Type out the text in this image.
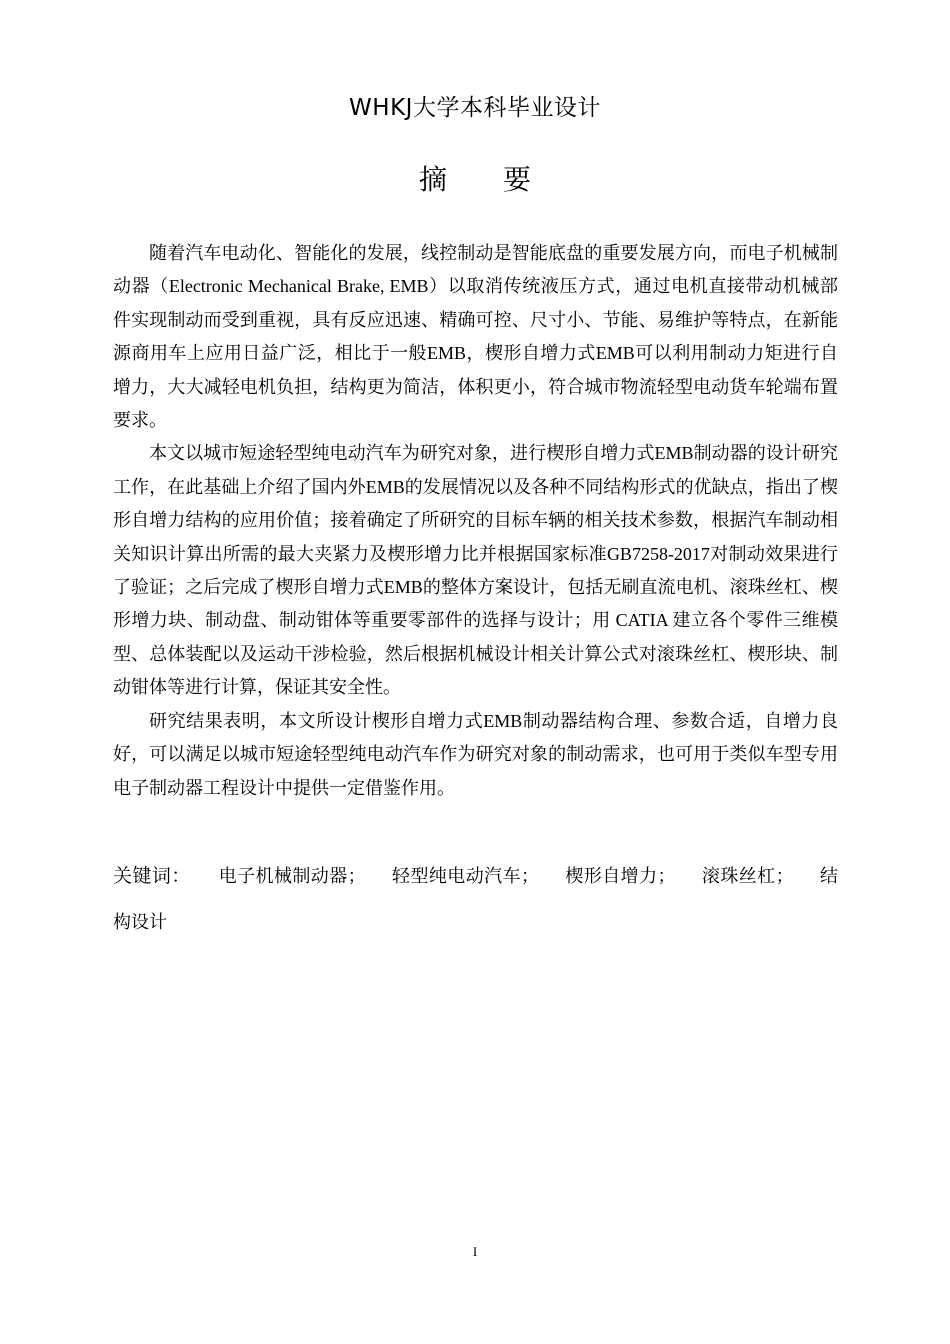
WHKJ大学本科毕业设计
摘要

随着汽车电动化、智能化的发展，线控制动是智能底盘的重要发展方向，而电子机械制动器（Electronic Mechanical Brake, EMB）以取消传统液压方式，通过电机直接带动机械部件实现制动而受到重视，具有反应迅速、精确可控、尺寸小、节能、易维护等特点，在新能源商用车上应用日益广泛，相比于一般EMB，楔形自增力式EMB可以利用制动力矩进行自增力，大大减轻电机负担，结构更为简洁，体积更小，符合城市物流轻型电动货车轮端布置要求。

本文以城市短途轻型纯电动汽车为研究对象，进行楔形自增力式EMB制动器的设计研究工作，在此基础上介绍了国内外EMB的发展情况以及各种不同结构形式的优缺点，指出了楔形自增力结构的应用价值；接着确定了所研究的目标车辆的相关技术参数，根据汽车制动相关知识计算出所需的最大夹紧力及楔形增力比并根据国家标准GB7258-2017对制动效果进行了验证；之后完成了楔形自增力式EMB的整体方案设计，包括无刷直流电机、滚珠丝杠、楔形增力块、制动盘、制动钳体等重要零部件的选择与设计；用 CATIA 建立各个零件三维模型、总体装配以及运动干涉检验，然后根据机械设计相关计算公式对滚珠丝杠、楔形块、制动钳体等进行计算，保证其安全性。

研究结果表明，本文所设计楔形自增力式EMB制动器结构合理、参数合适，自增力良好，可以满足以城市短途轻型纯电动汽车作为研究对象的制动需求，也可用于类似车型专用电子制动器工程设计中提供一定借鉴作用。

关键词： 电子机械制动器； 轻型纯电动汽车； 楔形自增力； 滚珠丝杠； 结构设计
I
